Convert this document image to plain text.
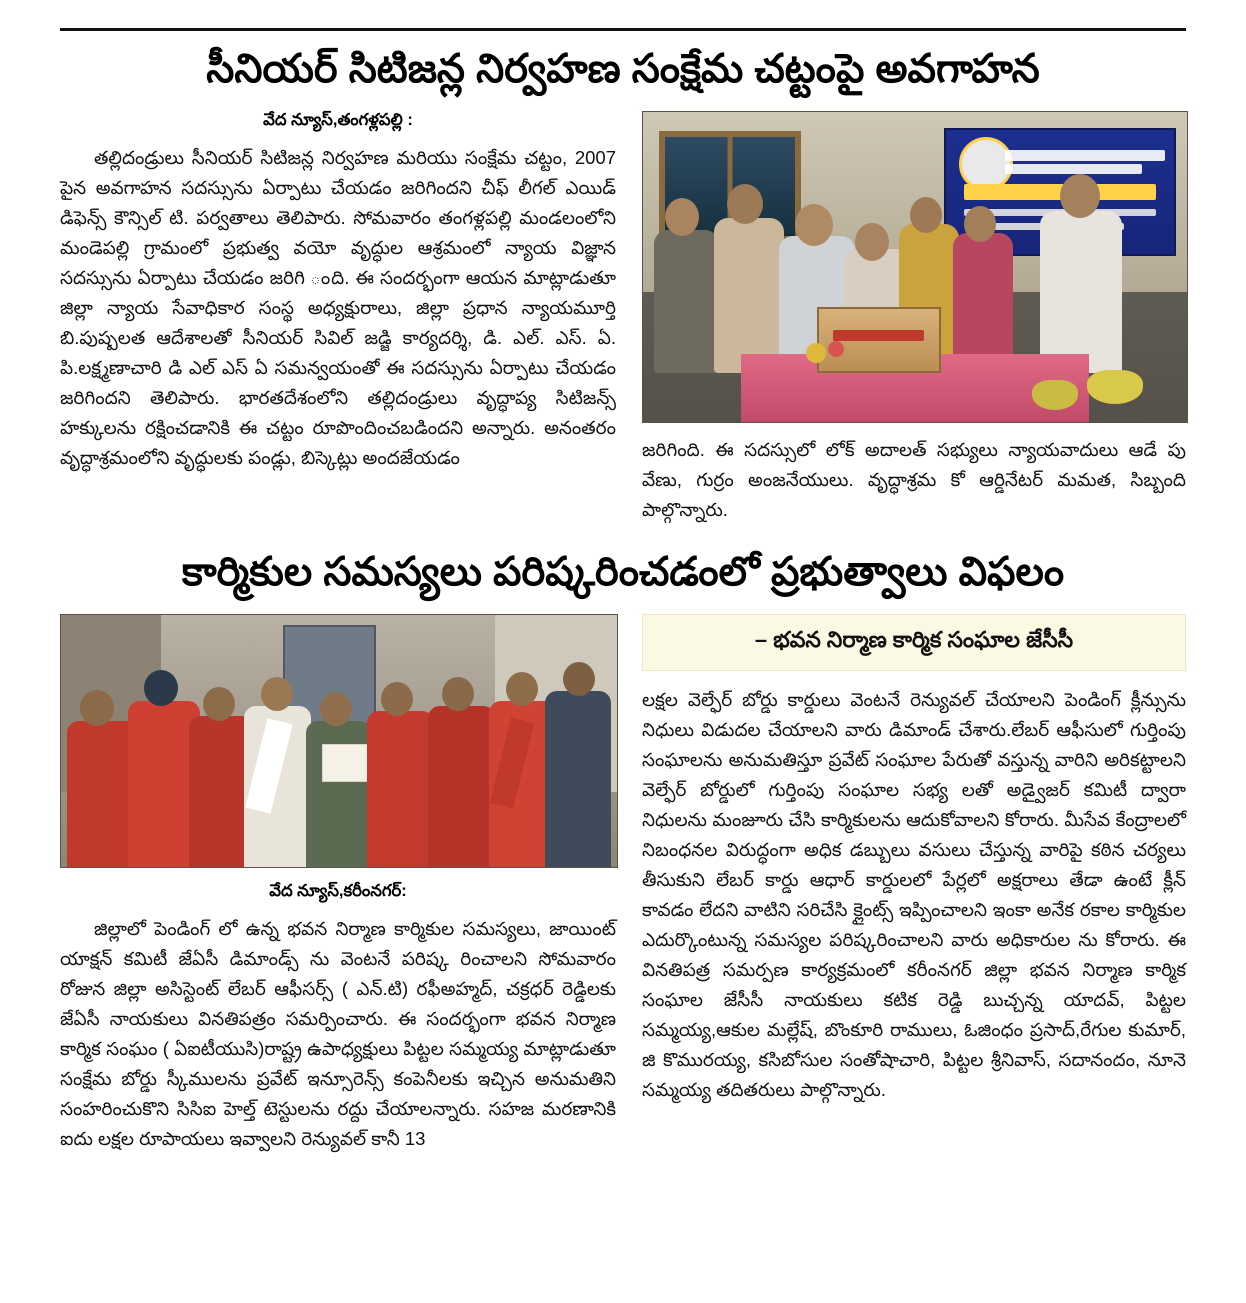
సీనియర్ సిటిజన్ల నిర్వహణ సంక్షేమ చట్టంపై అవగాహన
వేద న్యూస్,తంగళ్లపల్లి :
తల్లిదండ్రులు సీనియర్ సిటిజన్ల నిర్వహణ మరియు సంక్షేమ చట్టం, 2007 పైన అవగాహన సదస్సును ఏర్పాటు చేయడం జరిగిందని చీఫ్ లీగల్ ఎయిడ్ డిఫెన్స్ కౌన్సిల్ టి. పర్వతాలు తెలిపారు. సోమవారం తంగళ్లపల్లి మండలంలోని మండెపల్లి గ్రామంలో ప్రభుత్వ వయో వృద్ధుల ఆశ్రమంలో న్యాయ విజ్ఞాన సదస్సును ఏర్పాటు చేయడం జరిగి ంది. ఈ సందర్భంగా ఆయన మాట్లాడుతూ జిల్లా న్యాయ సేవాధికార సంస్థ అధ్యక్షురాలు, జిల్లా ప్రధాన న్యాయమూర్తి బి.పుష్పలత ఆదేశాలతో సీనియర్ సివిల్ జడ్జి కార్యదర్శి, డి. ఎల్. ఎస్. ఏ. పి.లక్ష్మణాచారి డి ఎల్ ఎస్ ఏ సమన్వయంతో ఈ సదస్సును ఏర్పాటు చేయడం జరిగిందని తెలిపారు. భారతదేశంలోని తల్లిదండ్రులు వృద్ధాప్య సిటిజన్స్ హక్కులను రక్షించడానికి ఈ చట్టం రూపొందించబడిందని అన్నారు. అనంతరం వృద్ధాశ్రమంలోని వృద్ధులకు పండ్లు, బిస్కెట్లు అందజేయడం	జరిగింది. ఈ సదస్సులో లోక్ అదాలత్ సభ్యులు న్యాయవాదులు ఆడే పు వేణు, గుర్రం అంజనేయులు. వృద్ధాశ్రమ కో ఆర్డినేటర్ మమత, సిబ్బంది పాల్గొన్నారు.
కార్మికుల సమస్యలు పరిష్కరించడంలో ప్రభుత్వాలు విఫలం
వేద న్యూస్,కరీంనగర్:
జిల్లాలో పెండింగ్ లో ఉన్న భవన నిర్మాణ కార్మికుల సమస్యలు, జాయింట్ యాక్షన్ కమిటీ జేఏసీ డిమాండ్స్ ను వెంటనే పరిష్క రించాలని సోమవారం రోజున జిల్లా అసిస్టెంట్ లేబర్ ఆఫీసర్స్ ( ఎన్.టి) రఫీఅహ్మద్, చక్రధర్ రెడ్డిలకు జేఏసీ నాయకులు వినతిపత్రం సమర్పించారు. ఈ సందర్భంగా భవన నిర్మాణ కార్మిక సంఘం ( ఏఐటీయుసి)రాష్ట్ర ఉపాధ్యక్షులు పిట్టల సమ్మయ్య మాట్లాడుతూ సంక్షేమ బోర్డు స్కీములను ప్రవేట్ ఇన్సూరెన్స్ కంపెనీలకు ఇచ్చిన అనుమతిని సంహరించుకొని సిసిఐ హెల్త్ టెస్టులను రద్దు చేయాలన్నారు. సహజ మరణానికి ఐదు లక్షల రూపాయలు ఇవ్వాలని రెన్యువల్ కానీ 13
– భవన నిర్మాణ కార్మిక సంఘాల జేసీసీ
లక్షల వెల్ఫేర్ బోర్డు కార్డులు వెంటనే రెన్యువల్ చేయాలని పెండింగ్ క్లీన్సును నిధులు విడుదల చేయాలని వారు డిమాండ్ చేశారు.లేబర్ ఆఫీసులో గుర్తింపు సంఘాలను అనుమతిస్తూ ప్రవేట్ సంఘాల పేరుతో వస్తున్న వారిని అరికట్టాలని వెల్ఫేర్ బోర్డులో గుర్తింపు సంఘాల సభ్య లతో అడ్వైజర్ కమిటీ ద్వారా నిధులను మంజూరు చేసి కార్మికులను ఆదుకోవాలని కోరారు. మీసేవ కేంద్రాలలో నిబంధనల విరుద్ధంగా అధిక డబ్బులు వసులు చేస్తున్న వారిపై కఠిన చర్యలు తీసుకుని లేబర్ కార్డు ఆధార్ కార్డులలో పేర్లలో అక్షరాలు తేడా ఉంటే క్లీన్ కావడం లేదని వాటిని సరిచేసి క్లైంట్స్ ఇప్పించాలని ఇంకా అనేక రకాల కార్మికుల ఎదుర్కొంటున్న సమస్యల పరిష్కరించాలని వారు అధికారుల ను కోరారు. ఈ వినతిపత్ర సమర్పణ కార్యక్రమంలో కరీంనగర్ జిల్లా భవన నిర్మాణ కార్మిక సంఘాల జేసీసీ నాయకులు కటిక రెడ్డి బుచ్చన్న యాదవ్, పిట్టల సమ్మయ్య,ఆకుల మల్లేష్, బొంకూరి రాములు, ఓజింధం ప్రసాద్,రేగుల కుమార్, జి కొమురయ్య, కసిబోసుల సంతోషాచారి, పిట్టల శ్రీనివాస్, సదానందం, నూనె సమ్మయ్య తదితరులు పాల్గొన్నారు.
